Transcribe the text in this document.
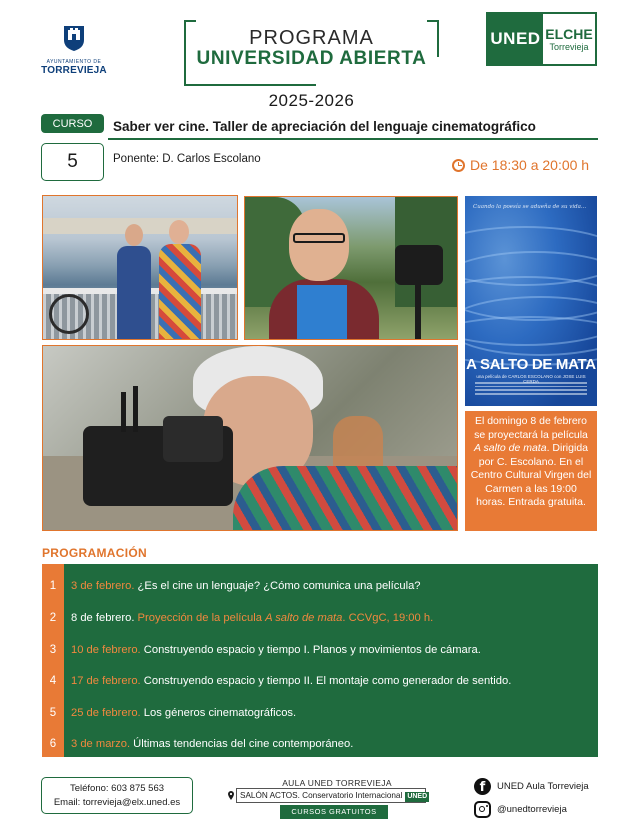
AYUNTAMIENTO DE
TORREVIEJA
PROGRAMA
UNIVERSIDAD ABIERTA
2025-2026
UNED ELCHE
Torrevieja
CURSO	Saber ver cine. Taller de apreciación del lenguaje cinematográfico
5	Ponente: D. Carlos Escolano	De 18:30 a 20:00 h
Cuando la poesía se adueña de su vida...
A SALTO DE MATA
una película de CARLOS ESCOLANO con JOSE LUIS
El domingo 8 de febrero se proyectará la película A salto de mata. Dirigida por C. Escolano. En el Centro Cultural Virgen del Carmen a las 19:00 horas. Entrada gratuita.
PROGRAMACIÓN
1	3 de febrero. ¿Es el cine un lenguaje? ¿Cómo comunica una película?
2	8 de febrero. Proyección de la película A salto de mata. CCVgC, 19:00 h.
3	10 de febrero. Construyendo espacio y tiempo I. Planos y movimientos de cámara.
4	17 de febrero. Construyendo espacio y tiempo II. El montaje como generador de sentido.
5	25 de febrero. Los géneros cinematográficos.
6	3 de marzo. Últimas tendencias del cine contemporáneo.
Teléfono: 603 875 563
Email: torrevieja@elx.uned.es
AULA UNED TORREVIEJA
SALÓN ACTOS. Conservatorio Internacional UNED
CURSOS GRATUITOS
f	UNED Aula Torrevieja
@unedtorrevieja
